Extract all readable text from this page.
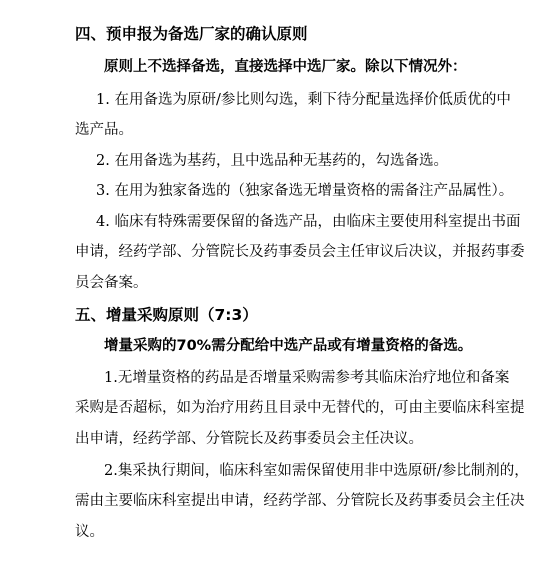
四、预申报为备选厂家的确认原则
原则上不选择备选，直接选择中选厂家。除以下情况外：
1. 在用备选为原研/参比则勾选，剩下待分配量选择价低质优的中
选产品。
2. 在用备选为基药，且中选品种无基药的，勾选备选。
3. 在用为独家备选的（独家备选无增量资格的需备注产品属性）。
4. 临床有特殊需要保留的备选产品，由临床主要使用科室提出书面
申请，经药学部、分管院长及药事委员会主任审议后决议，并报药事委
员会备案。
五、增量采购原则（7:3）
增量采购的70%需分配给中选产品或有增量资格的备选。
1.无增量资格的药品是否增量采购需参考其临床治疗地位和备案
采购是否超标，如为治疗用药且目录中无替代的，可由主要临床科室提
出申请，经药学部、分管院长及药事委员会主任决议。
2.集采执行期间，临床科室如需保留使用非中选原研/参比制剂的，
需由主要临床科室提出申请，经药学部、分管院长及药事委员会主任决
议。
